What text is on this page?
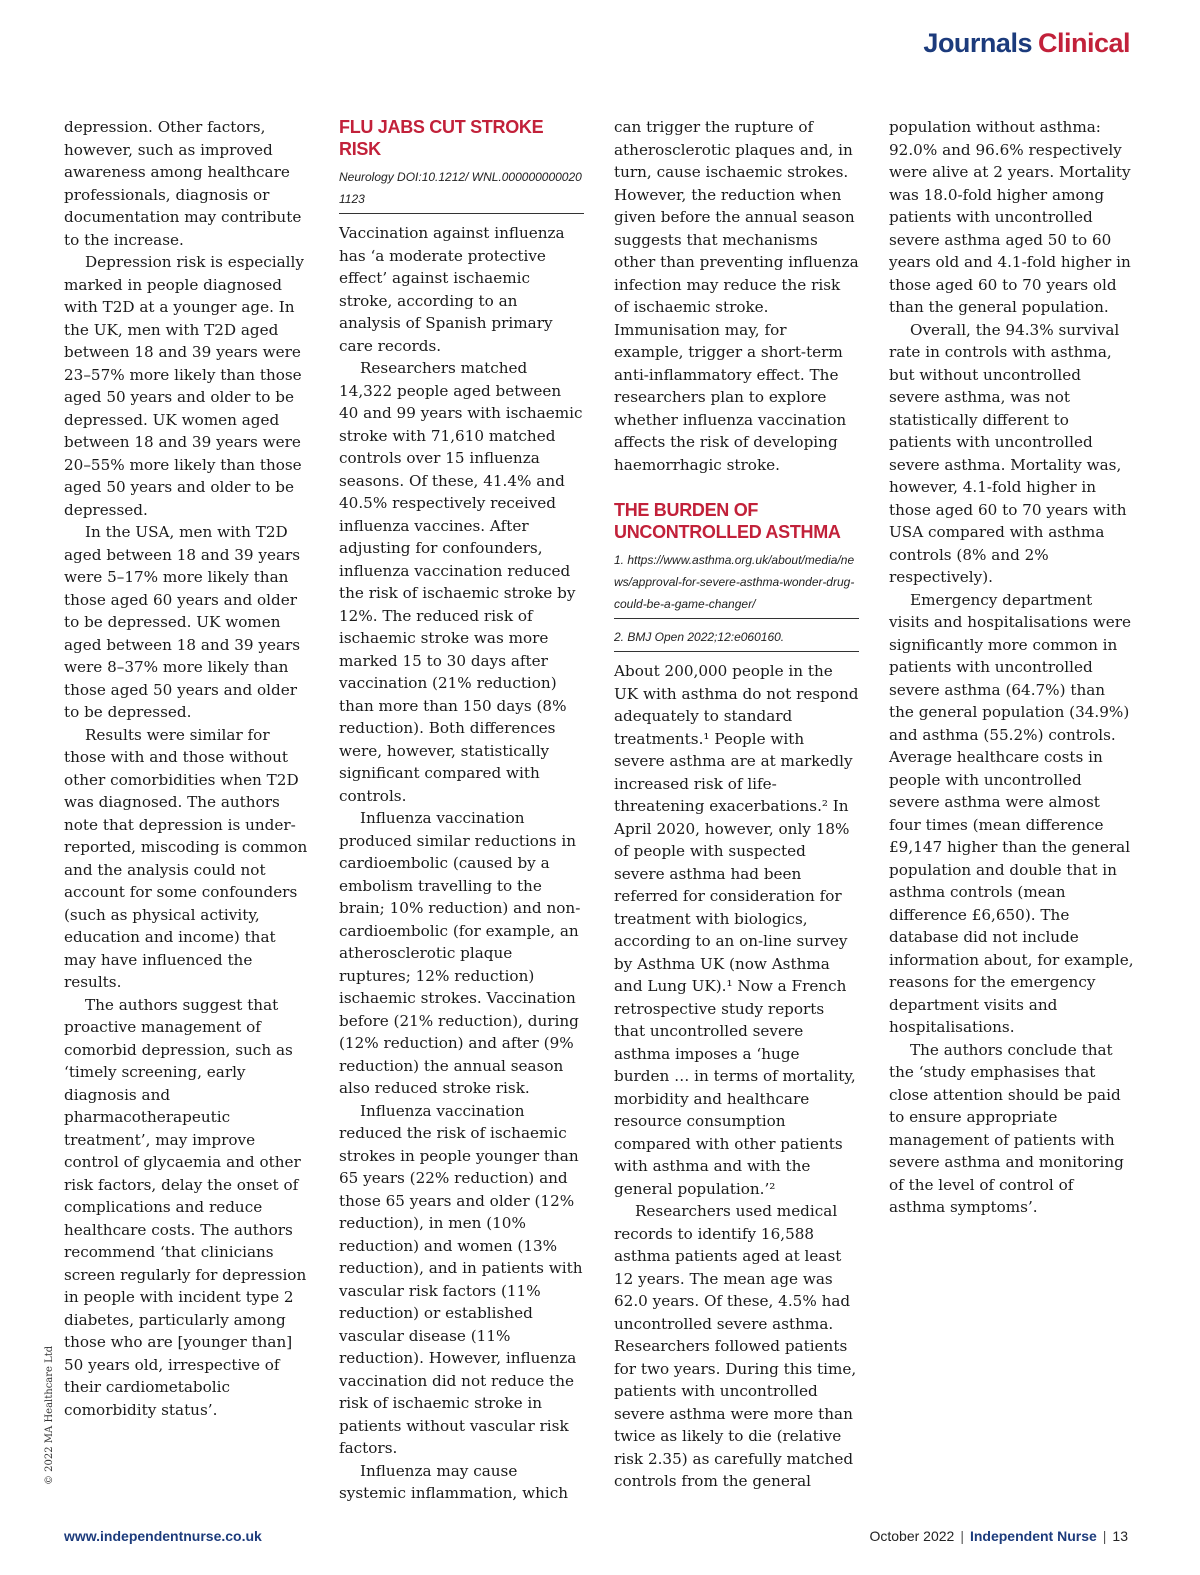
Journals Clinical

depression. Other factors, however, such as improved awareness among healthcare professionals, diagnosis or documentation may contribute to the increase.

Depression risk is especially marked in people diagnosed with T2D at a younger age. In the UK, men with T2D aged between 18 and 39 years were 23–57% more likely than those aged 50 years and older to be depressed. UK women aged between 18 and 39 years were 20–55% more likely than those aged 50 years and older to be depressed.

In the USA, men with T2D aged between 18 and 39 years were 5–17% more likely than those aged 60 years and older to be depressed. UK women aged between 18 and 39 years were 8–37% more likely than those aged 50 years and older to be depressed.

Results were similar for those with and those without other comorbidities when T2D was diagnosed. The authors note that depression is under-reported, miscoding is common and the analysis could not account for some confounders (such as physical activity, education and income) that may have influenced the results.

The authors suggest that proactive management of comorbid depression, such as ‘timely screening, early diagnosis and pharmacotherapeutic treatment’, may improve control of glycaemia and other risk factors, delay the onset of complications and reduce healthcare costs. The authors recommend ‘that clinicians screen regularly for depression in people with incident type 2 diabetes, particularly among those who are [younger than] 50 years old, irrespective of their cardiometabolic comorbidity status’.

FLU JABS CUT STROKE RISK
Neurology DOI:10.1212/ WNL.0000000000201123

Vaccination against influenza has ‘a moderate protective effect’ against ischaemic stroke, according to an analysis of Spanish primary care records.

Researchers matched 14,322 people aged between 40 and 99 years with ischaemic stroke with 71,610 matched controls over 15 influenza seasons. Of these, 41.4% and 40.5% respectively received influenza vaccines. After adjusting for confounders, influenza vaccination reduced the risk of ischaemic stroke by 12%. The reduced risk of ischaemic stroke was more marked 15 to 30 days after vaccination (21% reduction) than more than 150 days (8% reduction). Both differences were, however, statistically significant compared with controls.

Influenza vaccination produced similar reductions in cardioembolic (caused by a embolism travelling to the brain; 10% reduction) and non-cardioembolic (for example, an atherosclerotic plaque ruptures; 12% reduction) ischaemic strokes. Vaccination before (21% reduction), during (12% reduction) and after (9% reduction) the annual season also reduced stroke risk.

Influenza vaccination reduced the risk of ischaemic strokes in people younger than 65 years (22% reduction) and those 65 years and older (12% reduction), in men (10% reduction) and women (13% reduction), and in patients with vascular risk factors (11% reduction) or established vascular disease (11% reduction). However, influenza vaccination did not reduce the risk of ischaemic stroke in patients without vascular risk factors.

Influenza may cause systemic inflammation, which

can trigger the rupture of atherosclerotic plaques and, in turn, cause ischaemic strokes. However, the reduction when given before the annual season suggests that mechanisms other than preventing influenza infection may reduce the risk of ischaemic stroke. Immunisation may, for example, trigger a short-term anti-inflammatory effect. The researchers plan to explore whether influenza vaccination affects the risk of developing haemorrhagic stroke.

THE BURDEN OF UNCONTROLLED ASTHMA
1. https://www.asthma.org.uk/about/media/news/approval-for-severe-asthma-wonder-drug-could-be-a-game-changer/
2. BMJ Open 2022;12:e060160.

About 200,000 people in the UK with asthma do not respond adequately to standard treatments.¹ People with severe asthma are at markedly increased risk of life-threatening exacerbations.² In April 2020, however, only 18% of people with suspected severe asthma had been referred for consideration for treatment with biologics, according to an on-line survey by Asthma UK (now Asthma and Lung UK).¹ Now a French retrospective study reports that uncontrolled severe asthma imposes a ‘huge burden … in terms of mortality, morbidity and healthcare resource consumption compared with other patients with asthma and with the general population.’²

Researchers used medical records to identify 16,588 asthma patients aged at least 12 years. The mean age was 62.0 years. Of these, 4.5% had uncontrolled severe asthma. Researchers followed patients for two years. During this time, patients with uncontrolled severe asthma were more than twice as likely to die (relative risk 2.35) as carefully matched controls from the general

population without asthma: 92.0% and 96.6% respectively were alive at 2 years. Mortality was 18.0-fold higher among patients with uncontrolled severe asthma aged 50 to 60 years old and 4.1-fold higher in those aged 60 to 70 years old than the general population.

Overall, the 94.3% survival rate in controls with asthma, but without uncontrolled severe asthma, was not statistically different to patients with uncontrolled severe asthma. Mortality was, however, 4.1-fold higher in those aged 60 to 70 years with USA compared with asthma controls (8% and 2% respectively).

Emergency department visits and hospitalisations were significantly more common in patients with uncontrolled severe asthma (64.7%) than the general population (34.9%) and asthma (55.2%) controls. Average healthcare costs in people with uncontrolled severe asthma were almost four times (mean difference £9,147 higher than the general population and double that in asthma controls (mean difference £6,650). The database did not include information about, for example, reasons for the emergency department visits and hospitalisations.

The authors conclude that the ‘study emphasises that close attention should be paid to ensure appropriate management of patients with severe asthma and monitoring of the level of control of asthma symptoms’.

© 2022 MA Healthcare Ltd
www.independentnurse.co.uk	October 2022 | Independent Nurse | 13
